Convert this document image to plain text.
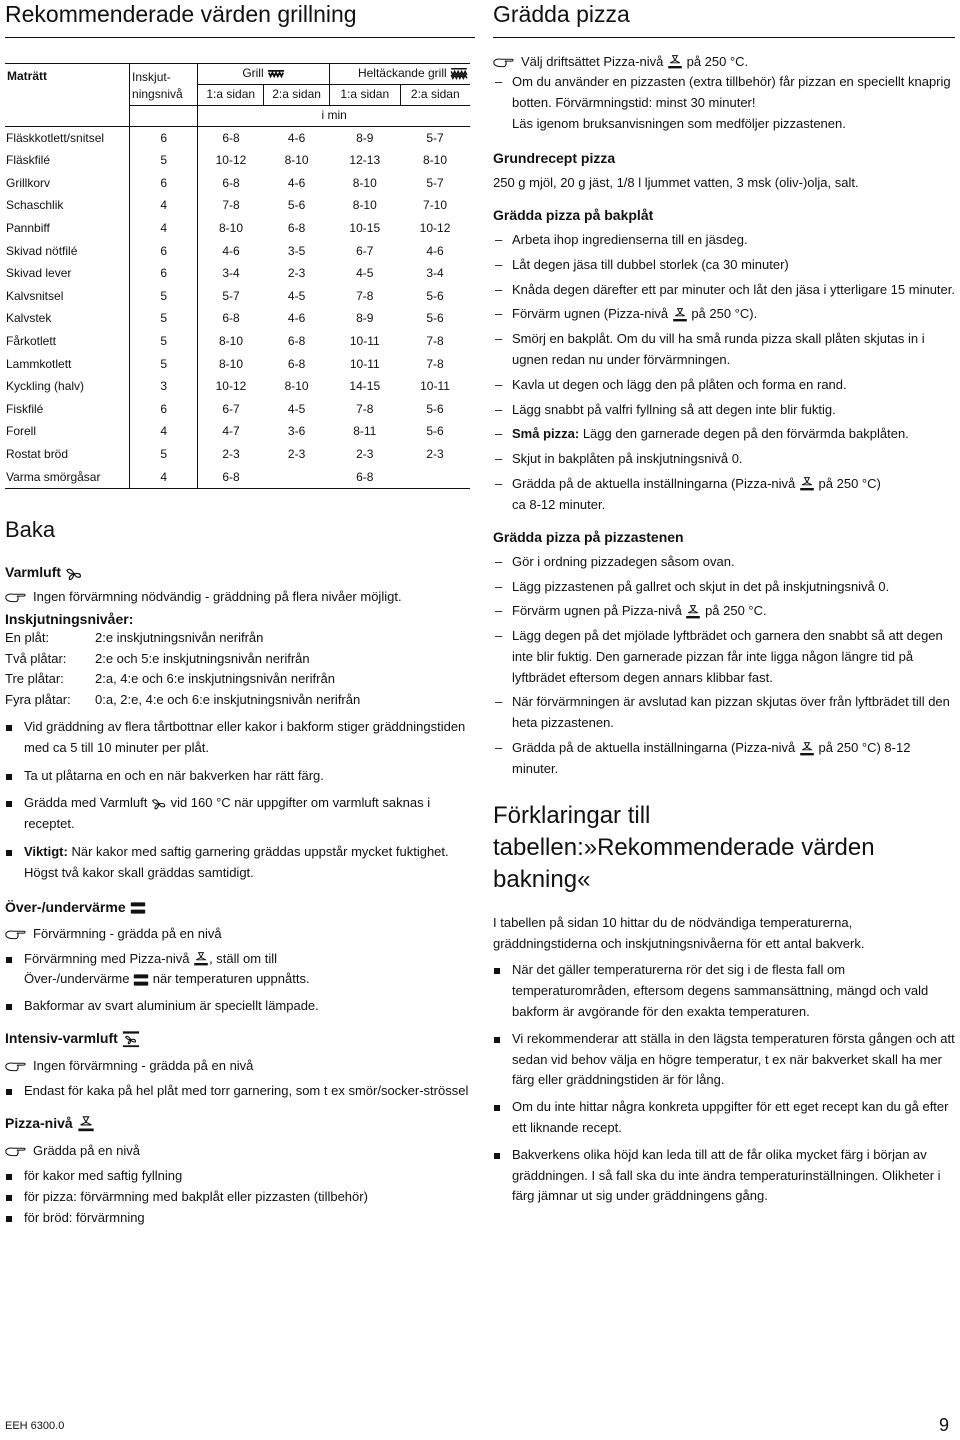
Rekommenderade värden grillning
Maträtt	Inskjut-
ningsnivå	Grill		Heltäckande grill	
		1:a sidan	2:a sidan	1:a sidan	2:a sidan
		i min			
Fläskkotlett/snitsel	6	6-8	4-6	8-9	5-7
Fläskfilé	5	10-12	8-10	12-13	8-10
Grillkorv	6	6-8	4-6	8-10	5-7
Schaschlik	4	7-8	5-6	8-10	7-10
Pannbiff	4	8-10	6-8	10-15	10-12
Skivad nötfilé	6	4-6	3-5	6-7	4-6
Skivad lever	6	3-4	2-3	4-5	3-4
Kalvsnitsel	5	5-7	4-5	7-8	5-6
Kalvstek	5	6-8	4-6	8-9	5-6
Fårkotlett	5	8-10	6-8	10-11	7-8
Lammkotlett	5	8-10	6-8	10-11	7-8
Kyckling (halv)	3	10-12	8-10	14-15	10-11
Fiskfilé	6	6-7	4-5	7-8	5-6
Forell	4	4-7	3-6	8-11	5-6
Rostat bröd	5	2-3	2-3	2-3	2-3
Varma smörgåsar	4	6-8		6-8	
Baka

Varmluft

Ingen förvärmning nödvändig - gräddning på flera nivåer möjligt.

Inskjutningsnivåer:

En plåt:	2:e inskjutningsnivån nerifrån
Två plåtar:	2:e och 5:e inskjutningsnivån nerifrån
Tre plåtar:	2:a, 4:e och 6:e inskjutningsnivån nerifrån
Fyra plåtar:	0:a, 2:e, 4:e och 6:e inskjutningsnivån nerifrån

Vid gräddning av flera tårtbottnar eller kakor i bakform stiger gräddningstiden med ca 5 till 10 minuter per plåt.

Ta ut plåtarna en och en när bakverken har rätt färg.

Grädda med Varmluft vid 160 °C när uppgifter om varmluft saknas i receptet.

Viktigt: När kakor med saftig garnering gräddas uppstår mycket fuktighet. Högst två kakor skall gräddas samtidigt.

Över-/undervärme

Förvärmning - grädda på en nivå

Förvärmning med Pizza-nivå , ställ om till
Över-/undervärme när temperaturen uppnåtts.

Bakformar av svart aluminium är speciellt lämpade.

Intensiv-varmluft

Ingen förvärmning - grädda på en nivå

Endast för kaka på hel plåt med torr garnering, som t ex smör/socker-strössel

Pizza-nivå

Grädda på en nivå

för kakor med saftig fyllning

för pizza: förvärmning med bakplåt eller pizzasten (tillbehör)

för bröd: förvärmning

Grädda pizza

Välj driftsättet Pizza-nivå på 250 °C.

– Om du använder en pizzasten (extra tillbehör) får pizzan en speciellt knaprig botten. Förvärmningstid: minst 30 minuter!
Läs igenom bruksanvisningen som medföljer pizzastenen.

Grundrecept pizza

250 g mjöl, 20 g jäst, 1/8 l ljummet vatten, 3 msk (oliv-)olja, salt.

Grädda pizza på bakplåt

– Arbeta ihop ingredienserna till en jäsdeg.

– Låt degen jäsa till dubbel storlek (ca 30 minuter)

– Knåda degen därefter ett par minuter och låt den jäsa i ytterligare 15 minuter.

– Förvärm ugnen (Pizza-nivå på 250 °C).

– Smörj en bakplåt. Om du vill ha små runda pizza skall plåten skjutas in i ugnen redan nu under förvärmningen.

– Kavla ut degen och lägg den på plåten och forma en rand.

– Lägg snabbt på valfri fyllning så att degen inte blir fuktig.

– Små pizza: Lägg den garnerade degen på den förvärmda bakplåten.

– Skjut in bakplåten på inskjutningsnivå 0.

– Grädda på de aktuella inställningarna (Pizza-nivå på 250 °C)
ca 8-12 minuter.

Grädda pizza på pizzastenen

– Gör i ordning pizzadegen såsom ovan.

– Lägg pizzastenen på gallret och skjut in det på inskjutningsnivå 0.

– Förvärm ugnen på Pizza-nivå på 250 °C.

– Lägg degen på det mjölade lyftbrädet och garnera den snabbt så att degen inte blir fuktig. Den garnerade pizzan får inte ligga någon längre tid på lyftbrädet eftersom degen annars klibbar fast.

– När förvärmningen är avslutad kan pizzan skjutas över från lyftbrädet till den heta pizzastenen.

– Grädda på de aktuella inställningarna (Pizza-nivå på 250 °C) 8-12 minuter.

Förklaringar till tabellen:»Rekommenderade värden bakning«

I tabellen på sidan 10 hittar du de nödvändiga temperaturerna, gräddningstiderna och inskjutningsnivåerna för ett antal bakverk.

När det gäller temperaturerna rör det sig i de flesta fall om temperaturområden, eftersom degens sammansättning, mängd och vald bakform är avgörande för den exakta temperaturen.

Vi rekommenderar att ställa in den lägsta temperaturen första gången och att sedan vid behov välja en högre temperatur, t ex när bakverket skall ha mer färg eller gräddningstiden är för lång.

Om du inte hittar några konkreta uppgifter för ett eget recept kan du gå efter ett liknande recept.

Bakverkens olika höjd kan leda till att de får olika mycket färg i början av gräddningen. I så fall ska du inte ändra temperaturinställningen. Olikheter i färg jämnar ut sig under gräddningens gång.

EEH 6300.0	9
